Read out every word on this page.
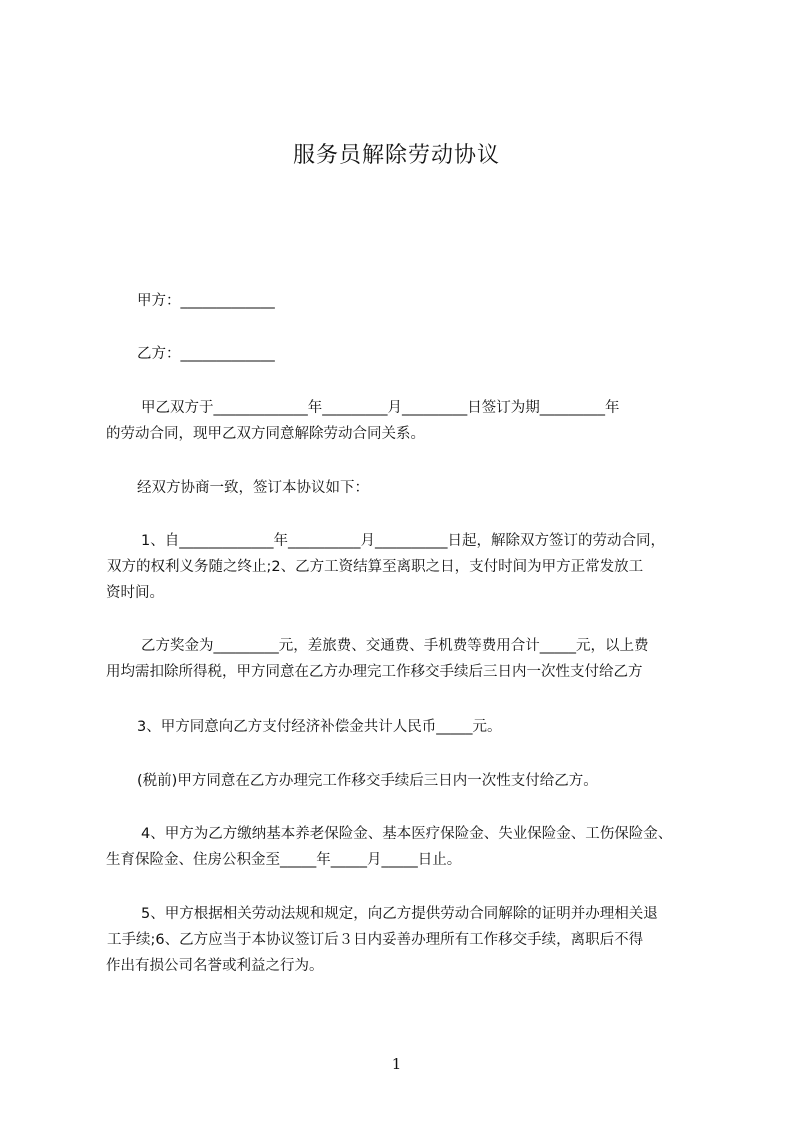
服务员解除劳动协议
甲方：_____________
乙方：_____________
甲乙双方于_____________年_________月_________日签订为期_________年
的劳动合同，现甲乙双方同意解除劳动合同关系。
经双方协商一致，签订本协议如下：
1、自_____________年__________月__________日起，解除双方签订的劳动合同，
双方的权利义务随之终止;2、乙方工资结算至离职之日，支付时间为甲方正常发放工
资时间。
乙方奖金为_________元，差旅费、交通费、手机费等费用合计_____元，以上费
用均需扣除所得税，甲方同意在乙方办理完工作移交手续后三日内一次性支付给乙方
3、甲方同意向乙方支付经济补偿金共计人民币_____元。
(税前)甲方同意在乙方办理完工作移交手续后三日内一次性支付给乙方。
4、甲方为乙方缴纳基本养老保险金、基本医疗保险金、失业保险金、工伤保险金、
生育保险金、住房公积金至_____年_____月_____日止。
5、甲方根据相关劳动法规和规定，向乙方提供劳动合同解除的证明并办理相关退
工手续;6、乙方应当于本协议签订后３日内妥善办理所有工作移交手续，离职后不得
作出有损公司名誉或利益之行为。
1
